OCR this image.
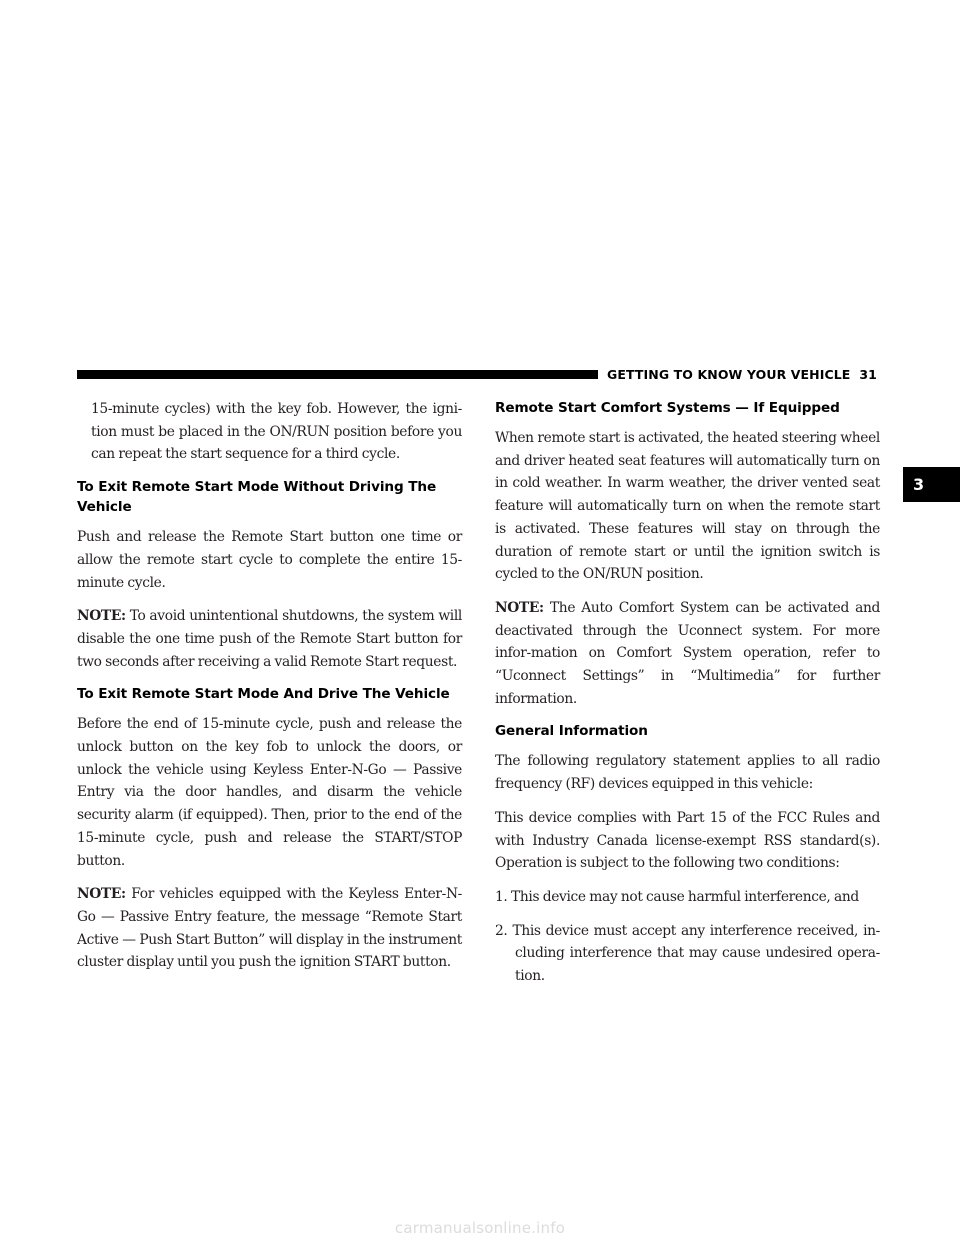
GETTING TO KNOW YOUR VEHICLE 31
3

15-minute cycles) with the key fob. However, the igni-tion must be placed in the ON/RUN position before you can repeat the start sequence for a third cycle.

To Exit Remote Start Mode Without Driving The Vehicle

Push and release the Remote Start button one time or allow the remote start cycle to complete the entire 15-minute cycle.

NOTE: To avoid unintentional shutdowns, the system will disable the one time push of the Remote Start button for two seconds after receiving a valid Remote Start request.

To Exit Remote Start Mode And Drive The Vehicle

Before the end of 15-minute cycle, push and release the unlock button on the key fob to unlock the doors, or unlock the vehicle using Keyless Enter-N-Go — Passive Entry via the door handles, and disarm the vehicle security alarm (if equipped). Then, prior to the end of the 15-minute cycle, push and release the START/STOP button.

NOTE: For vehicles equipped with the Keyless Enter-N-Go — Passive Entry feature, the message “Remote Start Active — Push Start Button” will display in the instrument cluster display until you push the ignition START button.

Remote Start Comfort Systems — If Equipped

When remote start is activated, the heated steering wheel and driver heated seat features will automatically turn on in cold weather. In warm weather, the driver vented seat feature will automatically turn on when the remote start is activated. These features will stay on through the duration of remote start or until the ignition switch is cycled to the ON/RUN position.

NOTE: The Auto Comfort System can be activated and deactivated through the Uconnect system. For more infor-mation on Comfort System operation, refer to “Uconnect Settings” in “Multimedia” for further information.

General Information

The following regulatory statement applies to all radio frequency (RF) devices equipped in this vehicle:

This device complies with Part 15 of the FCC Rules and with Industry Canada license-exempt RSS standard(s). Operation is subject to the following two conditions:

1. This device may not cause harmful interference, and
2. This device must accept any interference received, in-cluding interference that may cause undesired opera-tion.
carmanualsonline.info
